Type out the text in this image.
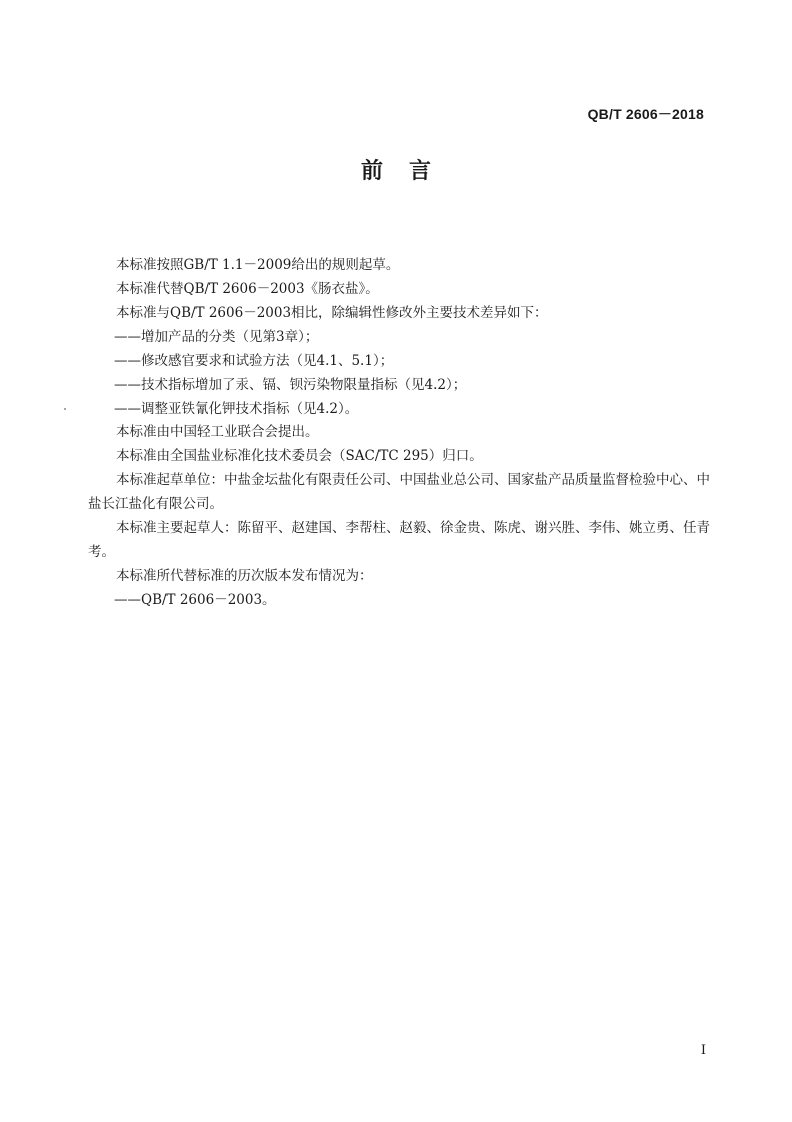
QB/T 2606－2018
前言

本标准按照GB/T 1.1－2009给出的规则起草。

本标准代替QB/T 2606－2003《肠衣盐》。

本标准与QB/T 2606－2003相比，除编辑性修改外主要技术差异如下：

——增加产品的分类（见第3章）；

——修改感官要求和试验方法（见4.1、5.1）；

——技术指标增加了汞、镉、钡污染物限量指标（见4.2）；

——调整亚铁氰化钾技术指标（见4.2）。

本标准由中国轻工业联合会提出。

本标准由全国盐业标准化技术委员会（SAC/TC 295）归口。

本标准起草单位：中盐金坛盐化有限责任公司、中国盐业总公司、国家盐产品质量监督检验中心、中盐长江盐化有限公司。

本标准主要起草人：陈留平、赵建国、李帮柱、赵毅、徐金贵、陈虎、谢兴胜、李伟、姚立勇、任青考。

本标准所代替标准的历次版本发布情况为：

——QB/T 2606－2003。

I
